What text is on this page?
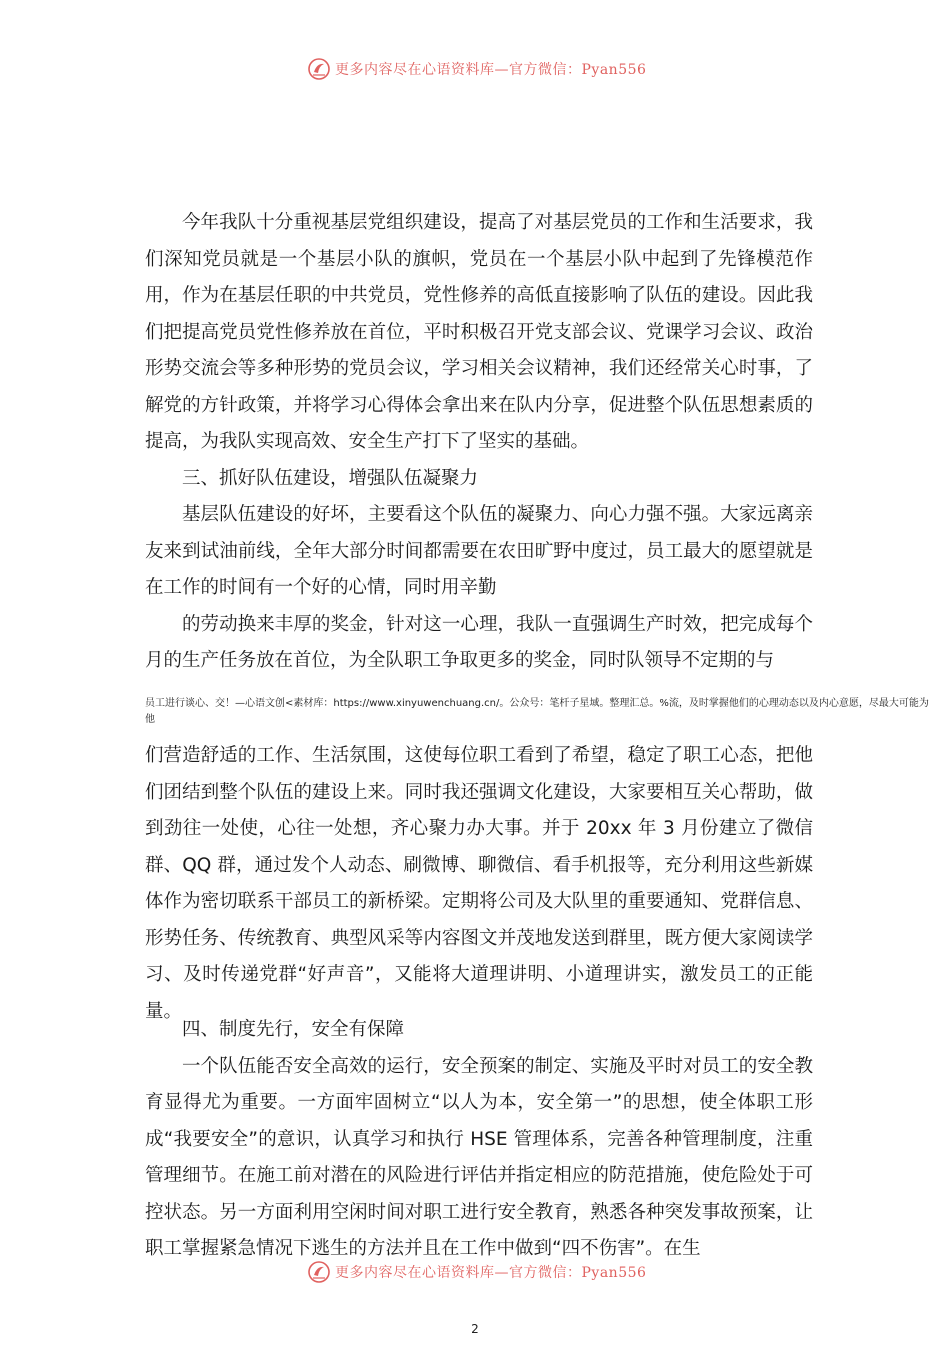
更多内容尽在心语资料库—官方微信：Pyan556

今年我队十分重视基层党组织建设，提高了对基层党员的工作和生活要求，我们深知党员就是一个基层小队的旗帜，党员在一个基层小队中起到了先锋模范作用，作为在基层任职的中共党员，党性修养的高低直接影响了队伍的建设。因此我们把提高党员党性修养放在首位，平时积极召开党支部会议、党课学习会议、政治形势交流会等多种形势的党员会议，学习相关会议精神，我们还经常关心时事，了解党的方针政策，并将学习心得体会拿出来在队内分享，促进整个队伍思想素质的提高，为我队实现高效、安全生产打下了坚实的基础。

三、抓好队伍建设，增强队伍凝聚力

基层队伍建设的好坏，主要看这个队伍的凝聚力、向心力强不强。大家远离亲友来到试油前线，全年大部分时间都需要在农田旷野中度过，员工最大的愿望就是在工作的时间有一个好的心情，同时用辛勤

的劳动换来丰厚的奖金，针对这一心理，我队一直强调生产时效，把完成每个月的生产任务放在首位，为全队职工争取更多的奖金，同时队领导不定期的与

员工进行谈心、交！—心语文创<素材库：https://www.xinyuwenchuang.cn/。公众号：笔杆子星域。整理汇总。%流，及时掌握他们的心理动态以及内心意愿，尽最大可能为他

们营造舒适的工作、生活氛围，这使每位职工看到了希望，稳定了职工心态，把他们团结到整个队伍的建设上来。同时我还强调文化建设，大家要相互关心帮助，做到劲往一处使，心往一处想，齐心聚力办大事。并于 20xx 年 3 月份建立了微信群、QQ 群，通过发个人动态、刷微博、聊微信、看手机报等，充分利用这些新媒体作为密切联系干部员工的新桥梁。定期将公司及大队里的重要通知、党群信息、形势任务、传统教育、典型风采等内容图文并茂地发送到群里，既方便大家阅读学习、及时传递党群“好声音”，又能将大道理讲明、小道理讲实，激发员工的正能量。

四、制度先行，安全有保障

一个队伍能否安全高效的运行，安全预案的制定、实施及平时对员工的安全教育显得尤为重要。一方面牢固树立“以人为本，安全第一”的思想，使全体职工形成“我要安全”的意识，认真学习和执行 HSE 管理体系，完善各种管理制度，注重管理细节。在施工前对潜在的风险进行评估并指定相应的防范措施，使危险处于可控状态。另一方面利用空闲时间对职工进行安全教育，熟悉各种突发事故预案，让职工掌握紧急情况下逃生的方法并且在工作中做到“四不伤害”。在生

更多内容尽在心语资料库—官方微信：Pyan556
2
